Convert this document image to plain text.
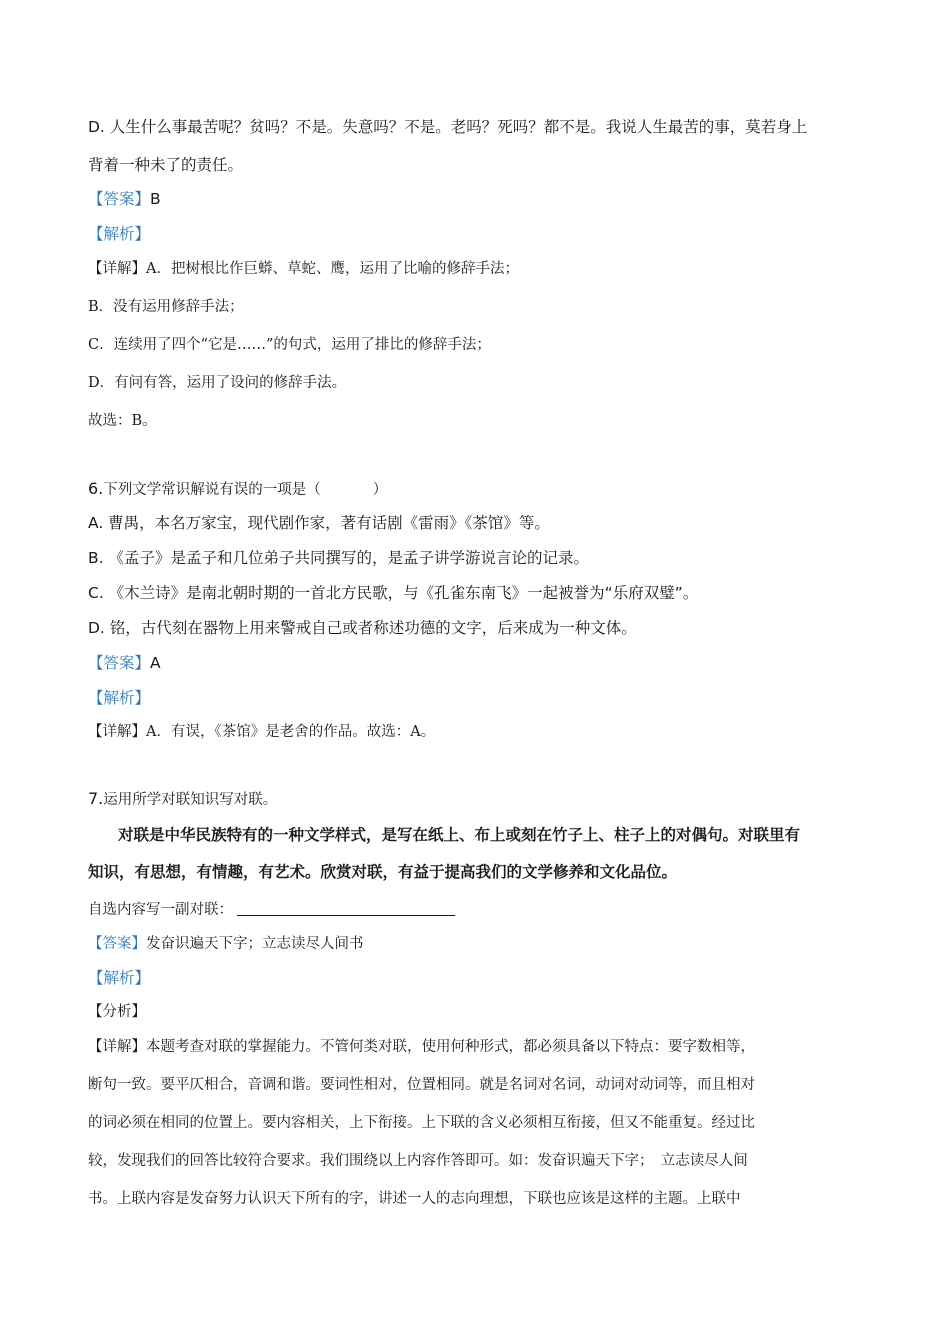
D. 人生什么事最苦呢？贫吗？不是。失意吗？不是。老吗？死吗？都不是。我说人生最苦的事，莫若身上
背着一种未了的责任。
【答案】B
【解析】
【详解】A．把树根比作巨蟒、草蛇、鹰，运用了比喻的修辞手法；
B．没有运用修辞手法；
C．连续用了四个“它是……”的句式，运用了排比的修辞手法；
D．有问有答，运用了设问的修辞手法。
故选：B。
6.下列文学常识解说有误的一项是（	）
A. 曹禺，本名万家宝，现代剧作家，著有话剧《雷雨》《茶馆》等。
B. 《孟子》是孟子和几位弟子共同撰写的，是孟子讲学游说言论的记录。
C. 《木兰诗》是南北朝时期的一首北方民歌，与《孔雀东南飞》一起被誉为“乐府双璧”。
D. 铭，古代刻在器物上用来警戒自己或者称述功德的文字，后来成为一种文体。
【答案】A
【解析】
【详解】A．有误，《茶馆》是老舍的作品。故选：A。
7.运用所学对联知识写对联。
对联是中华民族特有的一种文学样式，是写在纸上、布上或刻在竹子上、柱子上的对偶句。对联里有
知识，有思想，有情趣，有艺术。欣赏对联，有益于提高我们的文学修养和文化品位。
自选内容写一副对联：
【答案】发奋识遍天下字；立志读尽人间书
【解析】
【分析】
【详解】本题考查对联的掌握能力。不管何类对联，使用何种形式，都必须具备以下特点：要字数相等，
断句一致。要平仄相合，音调和谐。要词性相对，位置相同。就是名词对名词，动词对动词等，而且相对
的词必须在相同的位置上。要内容相关，上下衔接。上下联的含义必须相互衔接，但又不能重复。经过比
较，发现我们的回答比较符合要求。我们围绕以上内容作答即可。如：发奋识遍天下字；　立志读尽人间
书。上联内容是发奋努力认识天下所有的字，讲述一人的志向理想，下联也应该是这样的主题。上联中
